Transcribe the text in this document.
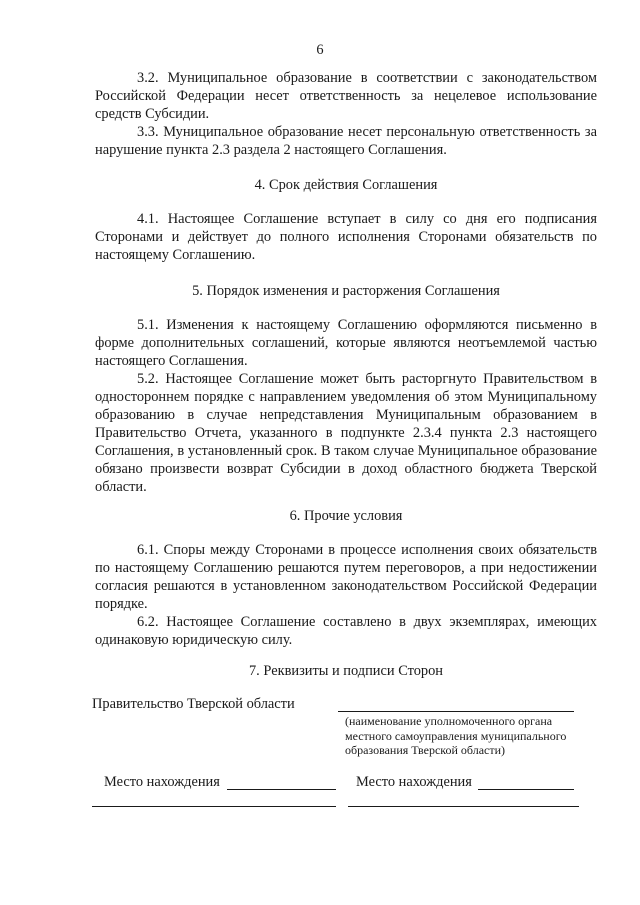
6

3.2. Муниципальное образование в соответствии с законодательством Российской Федерации несет ответственность за нецелевое использование средств Субсидии.

3.3. Муниципальное образование несет персональную ответственность за нарушение пункта 2.3 раздела 2 настоящего Соглашения.

4. Срок действия Соглашения

4.1. Настоящее Соглашение вступает в силу со дня его подписания Сторонами и действует до полного исполнения Сторонами обязательств по настоящему Соглашению.

5. Порядок изменения и расторжения Соглашения

5.1. Изменения к настоящему Соглашению оформляются письменно в форме дополнительных соглашений, которые являются неотъемлемой частью настоящего Соглашения.

5.2. Настоящее Соглашение может быть расторгнуто Правительством в одностороннем порядке с направлением уведомления об этом Муниципальному образованию в случае непредставления Муниципальным образованием в Правительство Отчета, указанного в подпункте 2.3.4 пункта 2.3 настоящего Соглашения, в установленный срок. В таком случае Муниципальное образование обязано произвести возврат Субсидии в доход областного бюджета Тверской области.

6. Прочие условия

6.1. Споры между Сторонами в процессе исполнения своих обязательств по настоящему Соглашению решаются путем переговоров, а при недостижении согласия решаются в установленном законодательством Российской Федерации порядке.

6.2. Настоящее Соглашение составлено в двух экземплярах, имеющих одинаковую юридическую силу.

7. Реквизиты и подписи Сторон
Правительство Тверской области
(наименование уполномоченного органа местного самоуправления муниципального образования Тверской области)
Место нахождения	Место нахождения
